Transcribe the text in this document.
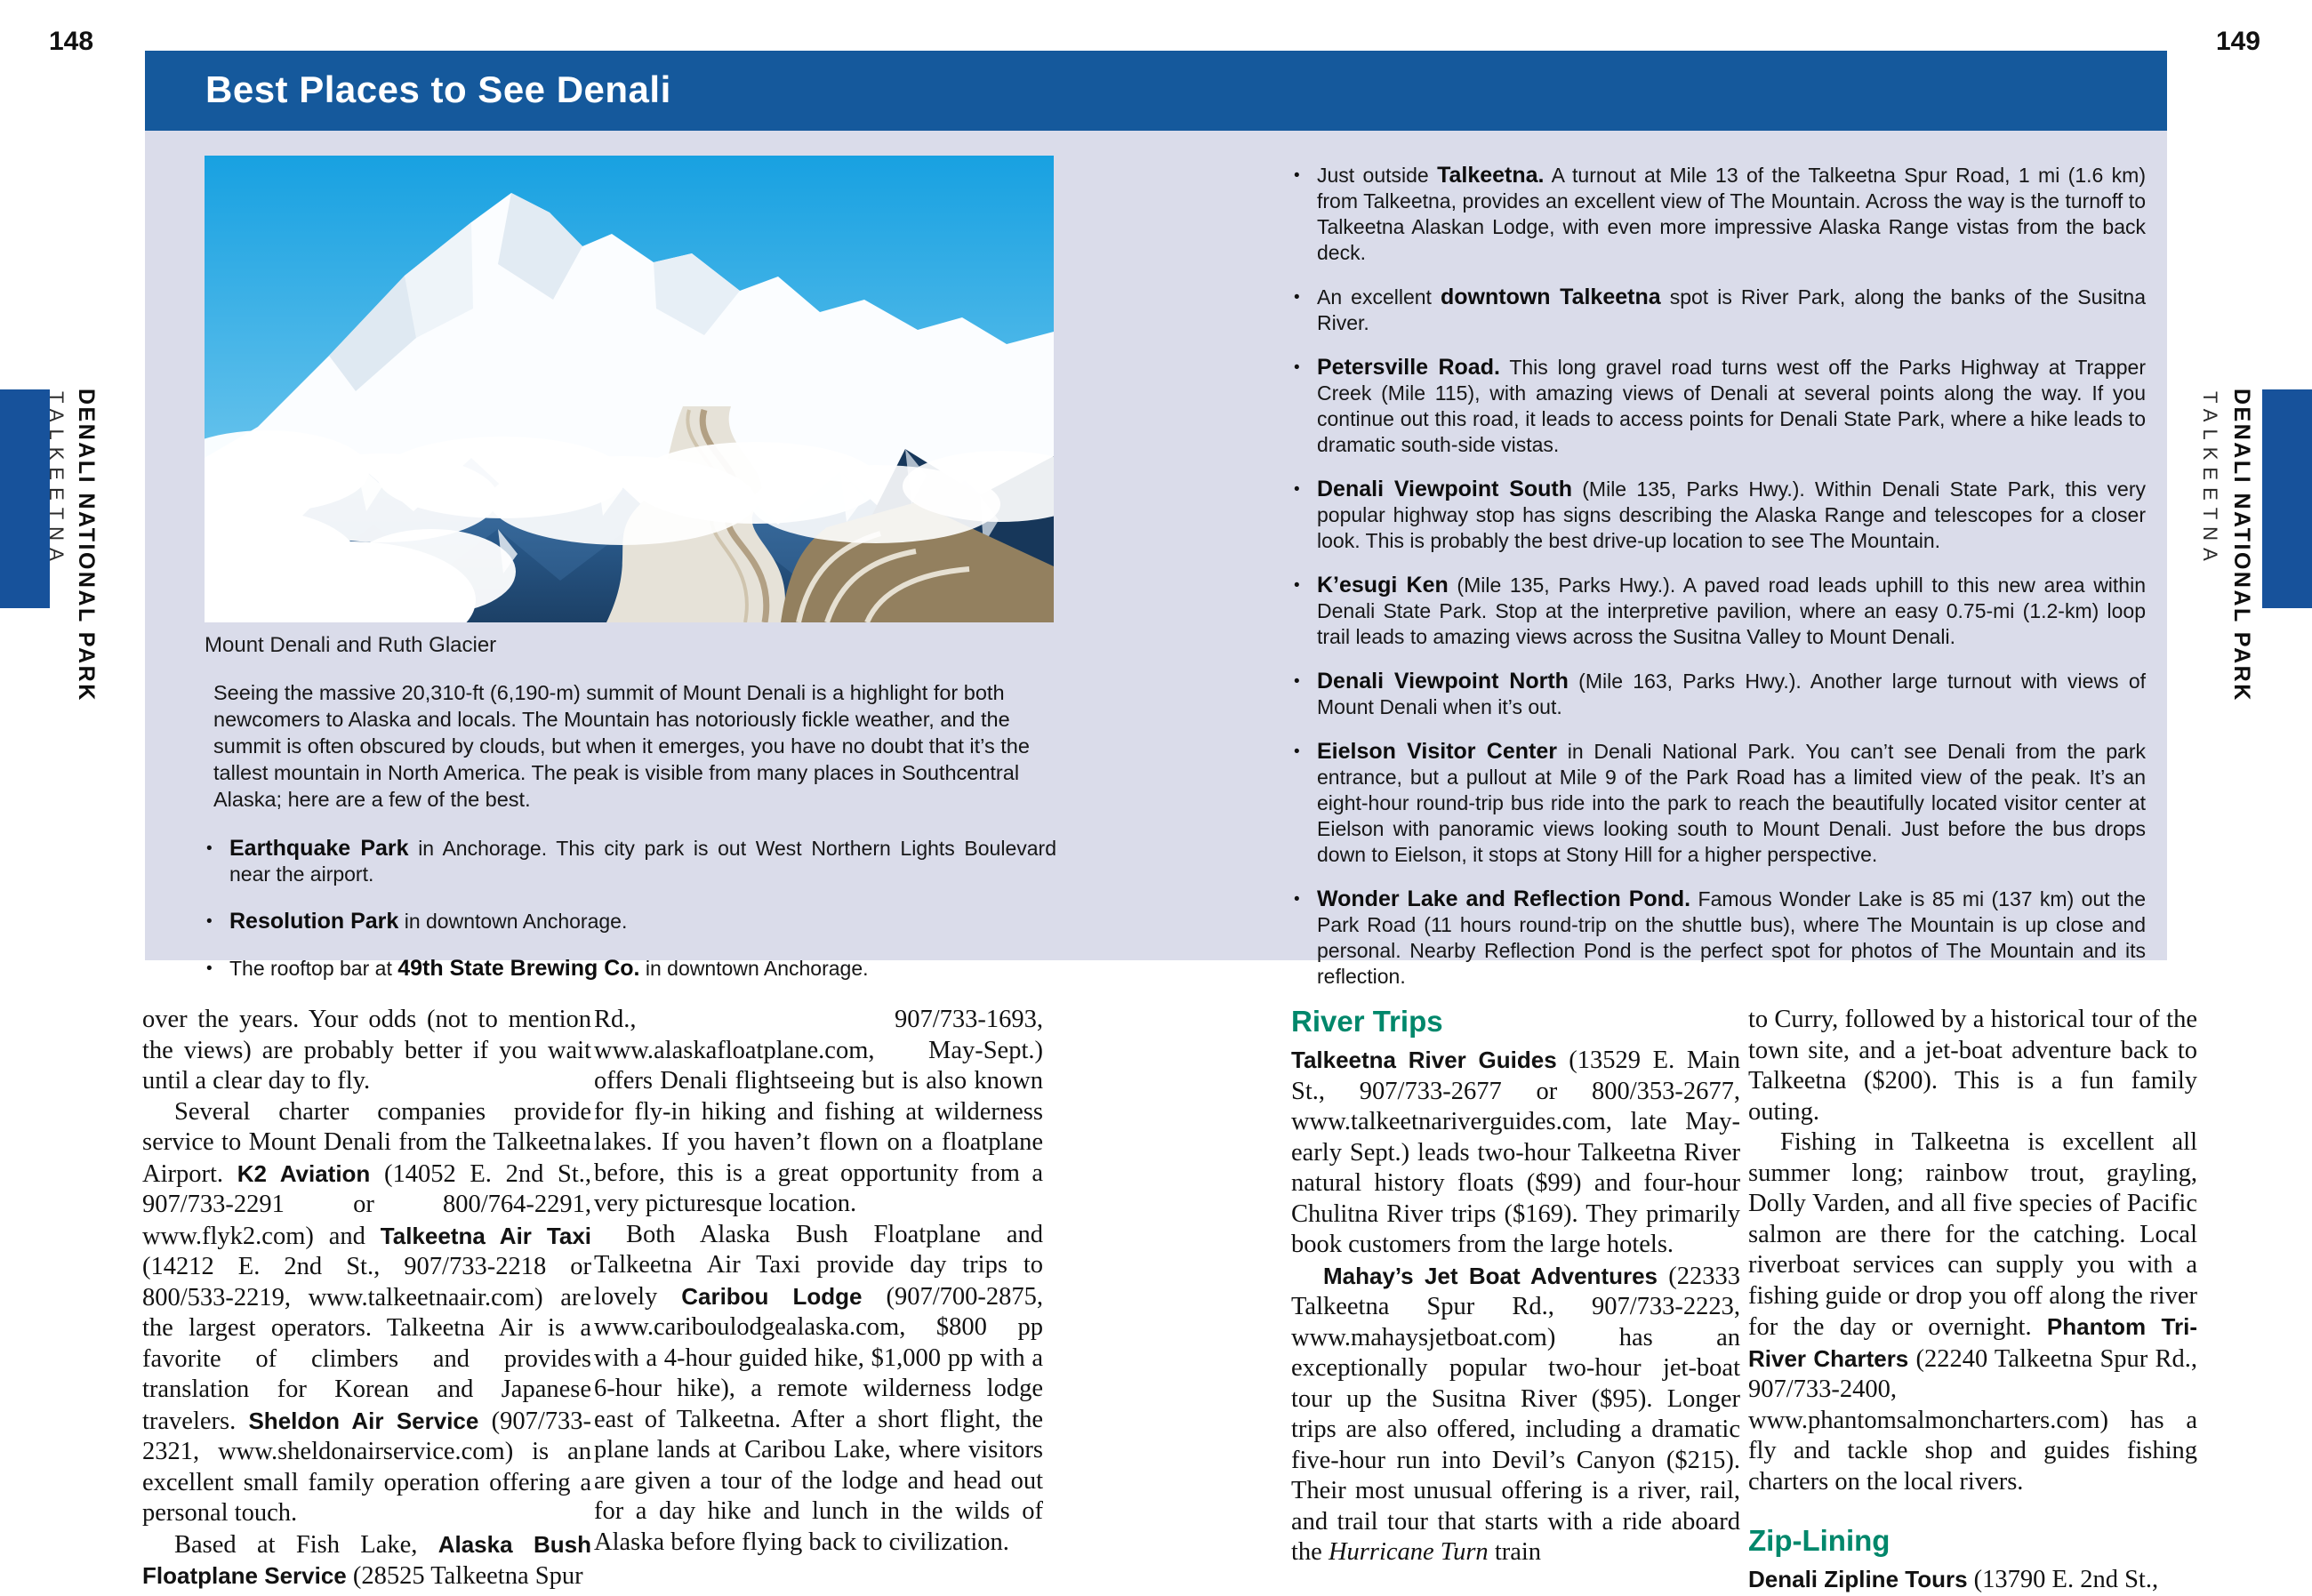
148	149
Best Places to See Denali
Mount Denali and Ruth Glacier

Seeing the massive 20,310-ft (6,190-m) summit of Mount Denali is a highlight for both newcomers to Alaska and locals. The Mountain has notoriously fickle weather, and the summit is often obscured by clouds, but when it emerges, you have no doubt that it’s the tallest mountain in North America. The peak is visible from many places in Southcentral Alaska; here are a few of the best.

• Earthquake Park in Anchorage. This city park is out West Northern Lights Boulevard near the airport.
• Resolution Park in downtown Anchorage.
• The rooftop bar at 49th State Brewing Co. in downtown Anchorage.
• Just outside Talkeetna. A turnout at Mile 13 of the Talkeetna Spur Road, 1 mi (1.6 km) from Talkeetna, provides an excellent view of The Mountain. Across the way is the turnoff to Talkeetna Alaskan Lodge, with even more impressive Alaska Range vistas from the back deck.
• An excellent downtown Talkeetna spot is River Park, along the banks of the Susitna River.
• Petersville Road. This long gravel road turns west off the Parks Highway at Trapper Creek (Mile 115), with amazing views of Denali at several points along the way. If you continue out this road, it leads to access points for Denali State Park, where a hike leads to dramatic south-side vistas.
• Denali Viewpoint South (Mile 135, Parks Hwy.). Within Denali State Park, this very popular highway stop has signs describing the Alaska Range and telescopes for a closer look. This is probably the best drive-up location to see The Mountain.
• K’esugi Ken (Mile 135, Parks Hwy.). A paved road leads uphill to this new area within Denali State Park. Stop at the interpretive pavilion, where an easy 0.75-mi (1.2-km) loop trail leads to amazing views across the Susitna Valley to Mount Denali.
• Denali Viewpoint North (Mile 163, Parks Hwy.). Another large turnout with views of Mount Denali when it’s out.
• Eielson Visitor Center in Denali National Park. You can’t see Denali from the park entrance, but a pullout at Mile 9 of the Park Road has a limited view of the peak. It’s an eight-hour round-trip bus ride into the park to reach the beautifully located visitor center at Eielson with panoramic views looking south to Mount Denali. Just before the bus drops down to Eielson, it stops at Stony Hill for a higher perspective.
• Wonder Lake and Reflection Pond. Famous Wonder Lake is 85 mi (137 km) out the Park Road (11 hours round-trip on the shuttle bus), where The Mountain is up close and personal. Nearby Reflection Pond is the perfect spot for photos of The Mountain and its reflection.

over the years. Your odds (not to mention the views) are probably better if you wait until a clear day to fly.

Several charter companies provide service to Mount Denali from the Talkeetna Airport. K2 Aviation (14052 E. 2nd St., 907/733-2291 or 800/764-2291, www.flyk2.com) and Talkeetna Air Taxi (14212 E. 2nd St., 907/733-2218 or 800/533-2219, www.talkeetnaair.com) are the largest operators. Talkeetna Air is a favorite of climbers and provides translation for Korean and Japanese travelers. Sheldon Air Service (907/733-2321, www.sheldonairservice.com) is an excellent small family operation offering a personal touch.

Based at Fish Lake, Alaska Bush Floatplane Service (28525 Talkeetna Spur

Rd., 907/733-1693, www.alaskafloatplane.com, May-Sept.) offers Denali flightseeing but is also known for fly-in hiking and fishing at wilderness lakes. If you haven’t flown on a floatplane before, this is a great opportunity from a very picturesque location.

Both Alaska Bush Floatplane and Talkeetna Air Taxi provide day trips to lovely Caribou Lodge (907/700-2875, www.cariboulodgealaska.com, $800 pp with a 4-hour guided hike, $1,000 pp with a 6-hour hike), a remote wilderness lodge east of Talkeetna. After a short flight, the plane lands at Caribou Lake, where visitors are given a tour of the lodge and head out for a day hike and lunch in the wilds of Alaska before flying back to civilization.

River Trips

Talkeetna River Guides (13529 E. Main St., 907/733-2677 or 800/353-2677, www.talkeetnariverguides.com, late May-early Sept.) leads two-hour Talkeetna River natural history floats ($99) and four-hour Chulitna River trips ($169). They primarily book customers from the large hotels.

Mahay’s Jet Boat Adventures (22333 Talkeetna Spur Rd., 907/733-2223, www.mahaysjetboat.com) has an exceptionally popular two-hour jet-boat tour up the Susitna River ($95). Longer trips are also offered, including a dramatic five-hour run into Devil’s Canyon ($215). Their most unusual offering is a river, rail, and trail tour that starts with a ride aboard the Hurricane Turn train

to Curry, followed by a historical tour of the town site, and a jet-boat adventure back to Talkeetna ($200). This is a fun family outing.

Fishing in Talkeetna is excellent all summer long; rainbow trout, grayling, Dolly Varden, and all five species of Pacific salmon are there for the catching. Local riverboat services can supply you with a fishing guide or drop you off along the river for the day or overnight. Phantom Tri-River Charters (22240 Talkeetna Spur Rd., 907/733-2400, www.phantomsalmoncharters.com) has a fly and tackle shop and guides fishing charters on the local rivers.

Zip-Lining

Denali Zipline Tours (13790 E. 2nd St.,

TALKEETNA DENALI NATIONAL PARK	TALKEETNA DENALI NATIONAL PARK
